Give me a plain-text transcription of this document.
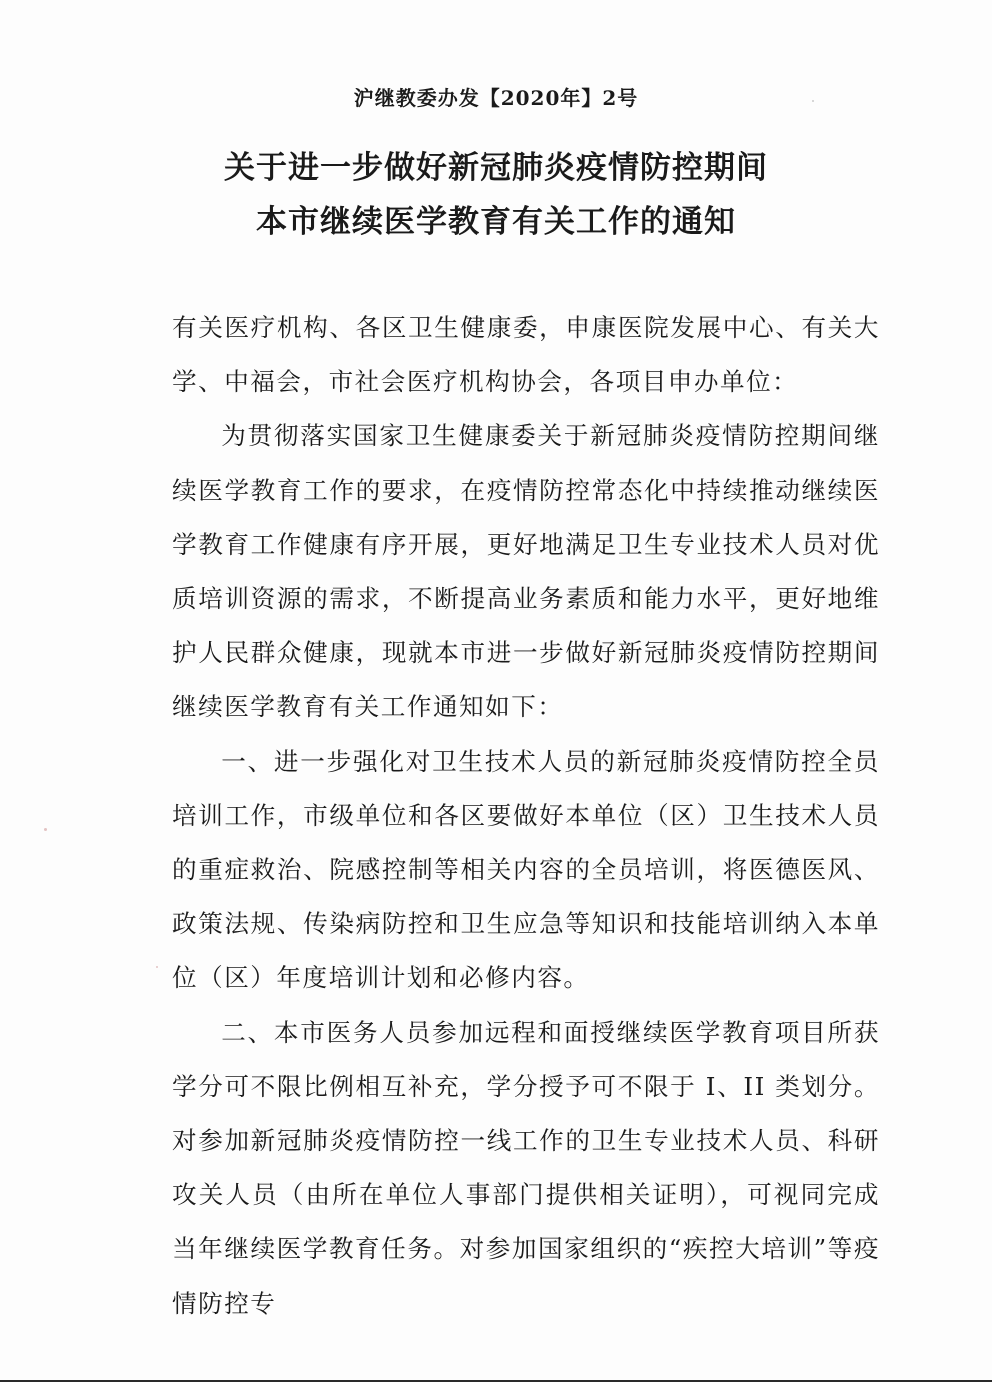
沪继教委办发【2020年】2号
关于进一步做好新冠肺炎疫情防控期间
本市继续医学教育有关工作的通知

有关医疗机构、各区卫生健康委，申康医院发展中心、有关大学、中福会，市社会医疗机构协会，各项目申办单位：

为贯彻落实国家卫生健康委关于新冠肺炎疫情防控期间继续医学教育工作的要求，在疫情防控常态化中持续推动继续医学教育工作健康有序开展，更好地满足卫生专业技术人员对优质培训资源的需求，不断提高业务素质和能力水平，更好地维护人民群众健康，现就本市进一步做好新冠肺炎疫情防控期间继续医学教育有关工作通知如下：

一、进一步强化对卫生技术人员的新冠肺炎疫情防控全员培训工作，市级单位和各区要做好本单位（区）卫生技术人员的重症救治、院感控制等相关内容的全员培训，将医德医风、政策法规、传染病防控和卫生应急等知识和技能培训纳入本单位（区）年度培训计划和必修内容。

二、本市医务人员参加远程和面授继续医学教育项目所获学分可不限比例相互补充，学分授予可不限于 I、II 类划分。对参加新冠肺炎疫情防控一线工作的卫生专业技术人员、科研攻关人员（由所在单位人事部门提供相关证明），可视同完成当年继续医学教育任务。对参加国家组织的“疾控大培训”等疫情防控专
